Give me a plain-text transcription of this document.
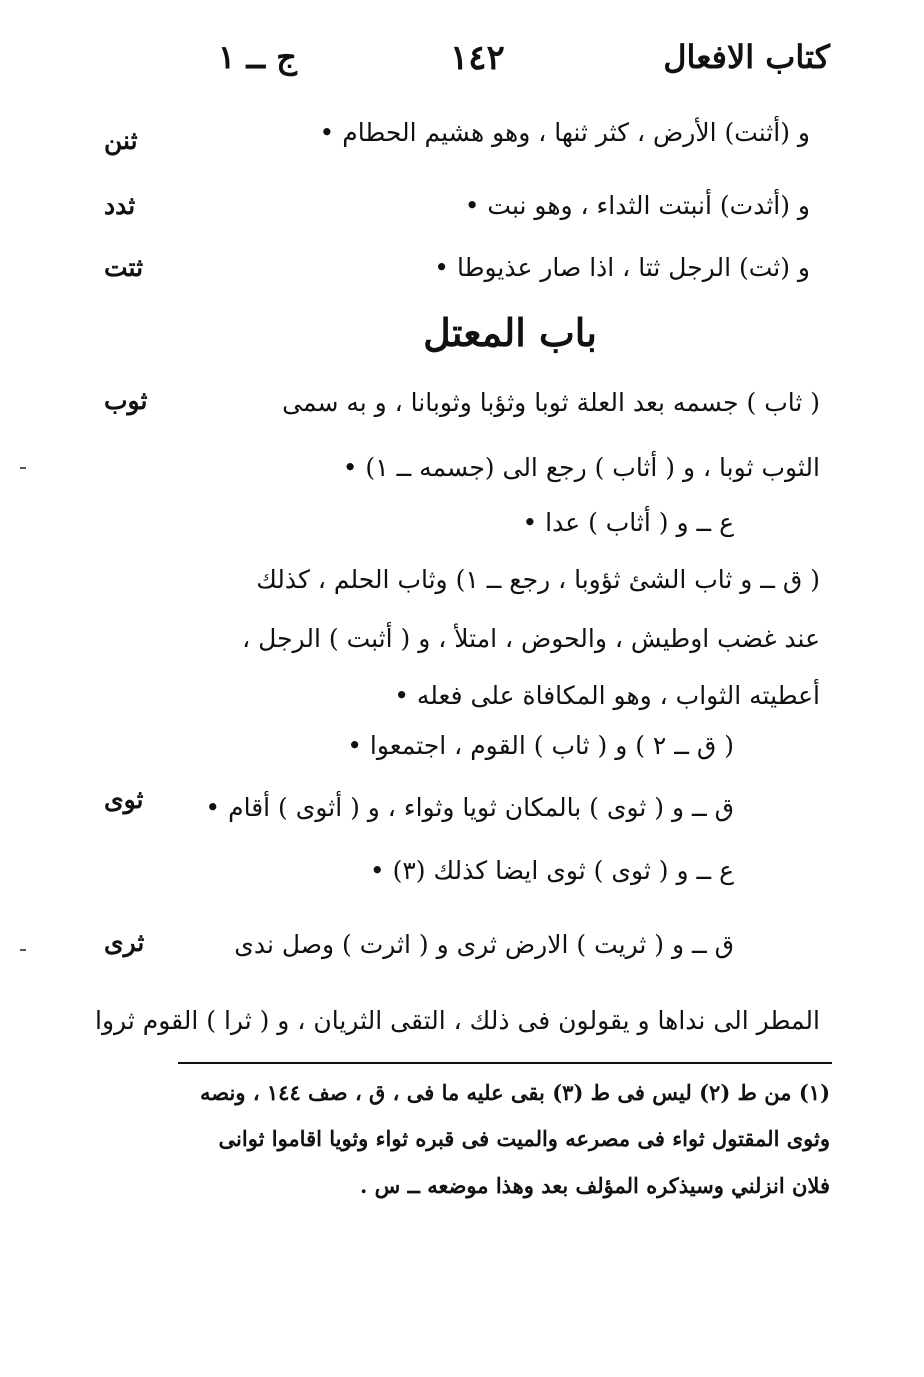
كتاب الافعال
١٤٢
ج ــ ١
و (أثنت) الأرض ، كثر ثنها ، وهو هشيم الحطام •
و (أثدت) أنبتت الثداء ، وهو نبت •
و (ثت) الرجل ثتا ، اذا صار عذيوطا •
باب المعتل
( ثاب ) جسمه بعد العلة ثوبا وثؤبا وثوبانا ، و به سمى
الثوب ثوبا ، و ( أثاب ) رجع الى (جسمه ــ ١) •
ع ــ و ( أثاب ) عدا •
( ق ــ و ثاب الشئ ثؤوبا ، رجع ــ ١) وثاب الحلم ، كذلك
عند غضب اوطيش ، والحوض ، امتلأ ، و ( أثبت ) الرجل ،
أعطيته الثواب ، وهو المكافاة على فعله •
( ق ــ ٢ ) و ( ثاب ) القوم ، اجتمعوا •
ق ــ و ( ثوى ) بالمكان ثويا وثواء ، و ( أثوى ) أقام •
ع ــ و ( ثوى ) ثوى ايضا كذلك (٣) •
ق ــ و ( ثريت ) الارض ثرى و ( اثرت ) وصل ندى
المطر الى نداها و يقولون فى ذلك ، التقى الثريان ، و ( ثرا ) القوم ثروا
ثنن
ثدد
ثتت
ثوب
ثوى
ثرى
(١) من ط (٢) ليس فى ط (٣) بقى عليه ما فى ، ق ، صف ١٤٤ ، ونصه
وثوى المقتول ثواء فى مصرعه والميت فى قبره ثواء وثويا اقاموا ثوانى
فلان انزلني وسيذكره المؤلف بعد وهذا موضعه ــ س .
